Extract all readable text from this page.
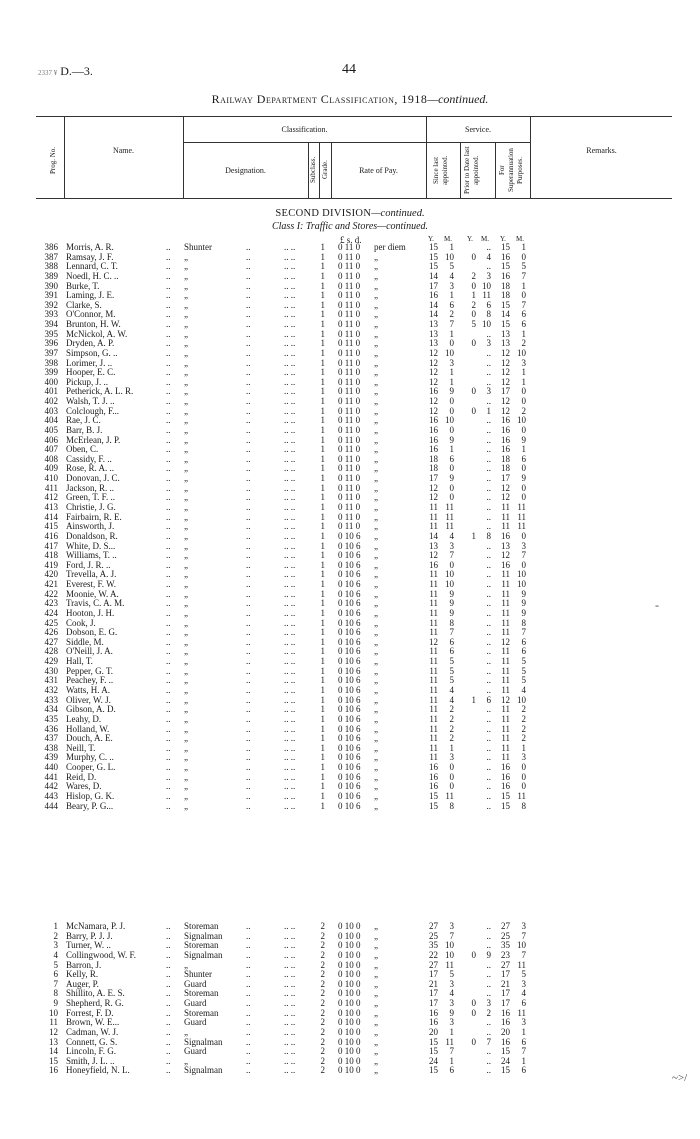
2337 ¥ D.—3.	44
Railway Department Classification, 1918—continued.
Prog. No.	Name.
Classification.
Designation.	Subclass. Grade.	Rate of Pay.
Service.
Since last appointed.	Prior to Date last appointed.	For Superannuation Purposes.
Remarks.
SECOND DIVISION—continued.
Class I: Traffic and Stores—continued.
£ s. d.	Y. M. Y. M. Y. M.
..	..	.. ..
386 Morris, A. R.	Shunter	1 0 11 0 per diem	15	1	..	15	1
..	..	.. ..
387 Ramsay, J. F.	„	1 0 11 0 „	15 10	0	4	16	0
..	..	.. ..
388 Lennard, C. T.	„	1 0 11 0 „	15	5	..	15	5
..	..	.. ..
389 Noedl, H. C. ..	„	1 0 11 0 „	14	4	2	3	16	7
..	..	.. ..
390 Burke, T.	„	1 0 11 0 „	17	3	0 10	18	1
..	..	.. ..
391 Laming, J. E.	„	1 0 11 0 „	16	1	1 11	18	0
..	..	.. ..
392 Clarke, S.	„	1 0 11 0 „	14	6	2	6	15	7
..	..	.. ..
393 O'Connor, M.	„	1 0 11 0 „	14	2	0	8	14	6
..	..	.. ..
394 Brunton, H. W.	„	1 0 11 0 „	13	7	5 10	15	6
..	..	.. ..
395 McNickol, A. W.	„	1 0 11 0 „	13	1	..	13	1
..	..	.. ..
396 Dryden, A. P.	„	1 0 11 0 „	13	0	0	3	13	2
..	..	.. ..
397 Simpson, G. ..	„	1 0 11 0 „	12 10	..	12 10
..	..	.. ..
398 Lorimer, J. ..	„	1 0 11 0 „	12	3	..	12	3
..	..	.. ..
399 Hooper, E. C.	„	1 0 11 0 „	12	1	..	12	1
..	..	.. ..
400 Pickup, J. ..	„	1 0 11 0 „	12	1	..	12	1
..	..	.. ..
401 Petherick, A. L. R.	„	1 0 11 0 „	16	9	0	3	17	0
..	..	.. ..
402 Walsh, T. J. ..	„	1 0 11 0 „	12	0	..	12	0
..	..	.. ..
403 Colclough, F...	„	1 0 11 0 „	12	0	0	1	12	2
..	..	.. ..
404 Rae, J. C.	„	1 0 11 0 „	16 10	..	16 10
..	..	.. ..
405 Barr, B. J.	„	1 0 11 0 „	16	0	..	16	0
..	..	.. ..
406 McErlean, J. P.	„	1 0 11 0 „	16	9	..	16	9
..	..	.. ..
407 Oben, C.	„	1 0 11 0 „	16	1	..	16	1
..	..	.. ..
408 Cassidy, F. ..	„	1 0 11 0 „	18	6	..	18	6
..	..	.. ..
409 Rose, R. A. ..	„	1 0 11 0 „	18	0	..	18	0
..	..	.. ..
410 Donovan, J. C.	„	1 0 11 0 „	17	9	..	17	9
..	..	.. ..
411 Jackson, R. ..	„	1 0 11 0 „	12	0	..	12	0
..	..	.. ..
412 Green, T. F. ..	„	1 0 11 0 „	12	0	..	12	0
..	..	.. ..
413 Christie, J. G.	„	1 0 11 0 „	11 11	..	11 11
..	..	.. ..
414 Fairbairn, R. E.	„	1 0 11 0 „	11 11	..	11 11
..	..	.. ..
415 Ainsworth, J.	„	1 0 11 0 „	11 11	..	11 11
..	..	.. ..
416 Donaldson, R.	„	1 0 10 6 „	14	4	1	8	16	0
..	..	.. ..
417 White, D. S...	„	1 0 10 6 „	13	3	..	13	3
..	..	.. ..
418 Williams, T. ..	„	1 0 10 6 „	12	7	..	12	7
..	..	.. ..
419 Ford, J. R. ..	„	1 0 10 6 „	16	0	..	16	0
..	..	.. ..
420 Trevella, A. J.	„	1 0 10 6 „	11 10	..	11 10
..	..	.. ..
421 Everest, F. W.	„	1 0 10 6 „	11 10	..	11 10
..	..	.. ..
422 Moonie, W. A.	„	1 0 10 6 „	11	9	..	11	9
..	..	.. ..
423 Travis, C. A. M.	„	1 0 10 6 „	11	9	..	11	9
..	..	.. ..
424 Hooton, J. H.	„	1 0 10 6 „	11	9	..	11	9
..	..	.. ..
425 Cook, J.	„	1 0 10 6 „	11	8	..	11	8
..	..	.. ..
426 Dobson, E. G.	„	1 0 10 6 „	11	7	..	11	7
..	..	.. ..
427 Siddle, M.	„	1 0 10 6 „	12	6	..	12	6
..	..	.. ..
428 O'Neill, J. A.	„	1 0 10 6 „	11	6	..	11	6
..	..	.. ..
429 Hall, T.	„	1 0 10 6 „	11	5	..	11	5
..	..	.. ..
430 Pepper, G. T.	„	1 0 10 6 „	11	5	..	11	5
..	..	.. ..
431 Peachey, F. ..	„	1 0 10 6 „	11	5	..	11	5
..	..	.. ..
432 Watts, H. A.	„	1 0 10 6 „	11	4	..	11	4
..	..	.. ..
433 Oliver, W. J.	„	1 0 10 6 „	11	4	1	6	12 10
..	..	.. ..
434 Gibson, A. D.	„	1 0 10 6 „	11	2	..	11	2
..	..	.. ..
435 Leahy, D.	„	1 0 10 6 „	11	2	..	11	2
..	..	.. ..
436 Holland, W.	„	1 0 10 6 „	11	2	..	11	2
..	..	.. ..
437 Douch, A. E.	„	1 0 10 6 „	11	2	..	11	2
..	..	.. ..
438 Neill, T.	„	1 0 10 6 „	11	1	..	11	1
..	..	.. ..
439 Murphy, C. ..	„	1 0 10 6 „	11	3	..	11	3
..	..	.. ..
440 Cooper, G. L.	„	1 0 10 6 „	16	0	..	16	0
..	..	.. ..
441 Reid, D.	„	1 0 10 6 „	16	0	..	16	0
..	..	.. ..
442 Wares, D.	„	1 0 10 6 „	16	0	..	16	0
..	..	.. ..
443 Hislop, G. K.	„	1 0 10 6 „	15 11	..	15 11
..	..	.. ..
444 Beary, P. G...	„	1 0 10 6 „	15	8	..	15	8
..	..	.. ..
1 McNamara, P. J.	Storeman	2 0 10 0 „	27	3	..	27	3
..	..	.. ..
2 Barry, P. J. J.	Signalman	2 0 10 0 „	25	7	..	25	7
..	..	.. ..
3 Turner, W. ..	Storeman	2 0 10 0 „	35 10	..	35 10
..	..	.. ..
4 Collingwood, W. F.	Signalman	2 0 10 0 „	22 10	0	9	23	7
..	..	.. ..
5 Barron, J.	„	2 0 10 0 „	27 11	..	27 11
..	..	.. ..
6 Kelly, R.	Shunter	2 0 10 0 „	17	5	..	17	5
..	..	.. ..
7 Auger, P.	Guard	2 0 10 0 „	21	3	..	21	3
..	..	.. ..
8 Shillito, A. E. S.	Storeman	2 0 10 0 „	17	4	..	17	4
..	..	.. ..
9 Shepherd, R. G.	Guard	2 0 10 0 „	17	3	0	3	17	6
..	..	.. ..
10 Forrest, F. D.	Storeman	2 0 10 0 „	16	9	0	2	16 11
..	..	.. ..
11 Brown, W. E...	Guard	2 0 10 0 „	16	3	..	16	3
..	..	.. ..
12 Cadman, W. J.	„	2 0 10 0 „	20	1	..	20	1
..	..	.. ..
13 Connett, G. S.	Signalman	2 0 10 0 „	15 11	0	7	16	6
..	..	.. ..
14 Lincoln, F. G.	Guard	2 0 10 0 „	15	7	..	15	7
..	..	.. ..
15 Smith, J. L. ..	„	2 0 10 0 „	24	1	..	24	1
..	..	.. ..
16 Honeyfield, N. L.	Signalman	2 0 10 0 „	15	6	..	15	6
-
~>/
